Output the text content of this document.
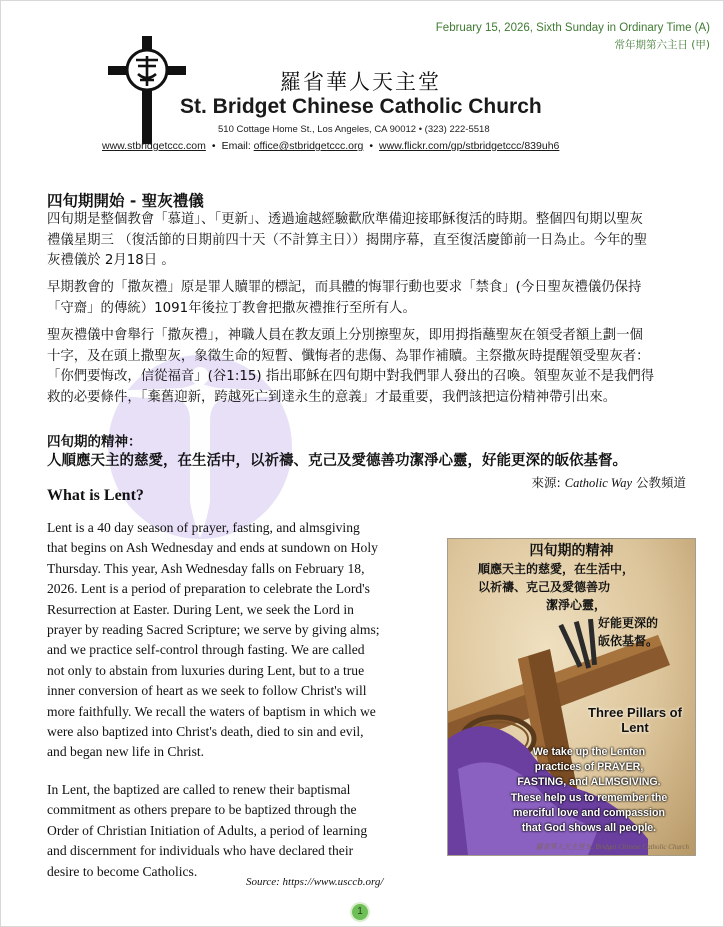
February 15, 2026, Sixth Sunday in Ordinary Time (A)
常年期第六主日 (甲)
羅省華人天主堂
St. Bridget Chinese Catholic Church
510 Cottage Home St., Los Angeles, CA 90012 • (323) 222-5518
www.stbridgetccc.com • Email: office@stbridgetccc.org • www.flickr.com/gp/stbridgetccc/839uh6
四旬期開始 - 聖灰禮儀
四旬期是整個教會「慕道」、「更新」、透過逾越經驗歡欣準備迎接耶穌復活的時期。整個四旬期以聖灰
禮儀星期三 （復活節的日期前四十天（不計算主日））揭開序幕，直至復活慶節前一日為止。今年的聖
灰禮儀於 2月18日 。
早期教會的「撒灰禮」原是罪人贖罪的標記，而具體的悔罪行動也要求「禁食」(今日聖灰禮儀仍保持
「守齋」的傳統）1091年後拉丁教會把撒灰禮推行至所有人。
聖灰禮儀中會舉行「撒灰禮」，神職人員在教友頭上分別擦聖灰，即用拇指蘸聖灰在領受者額上劃一個
十字，及在頭上撒聖灰，象徵生命的短暫、懺悔者的悲傷、為罪作補贖。主祭撒灰時提醒領受聖灰者：
「你們要悔改，信從福音」(谷1:15) 指出耶穌在四旬期中對我們罪人發出的召喚。領聖灰並不是我們得
救的必要條件，「棄舊迎新，跨越死亡到達永生的意義」才最重要，我們該把這份精神帶引出來。
四旬期的精神：
人順應天主的慈愛，在生活中，以祈禱、克己及愛德善功潔淨心靈，好能更深的皈依基督。
來源: Catholic Way 公教頻道
What is Lent?
Lent is a 40 day season of prayer, fasting, and almsgiving
that begins on Ash Wednesday and ends at sundown on Holy
Thursday. This year, Ash Wednesday falls on February 18,
2026. Lent is a period of preparation to celebrate the Lord's
Resurrection at Easter. During Lent, we seek the Lord in
prayer by reading Sacred Scripture; we serve by giving alms;
and we practice self-control through fasting. We are called
not only to abstain from luxuries during Lent, but to a true
inner conversion of heart as we seek to follow Christ's will
more faithfully. We recall the waters of baptism in which we
were also baptized into Christ's death, died to sin and evil,
and began new life in Christ.
In Lent, the baptized are called to renew their baptismal
commitment as others prepare to be baptized through the
Order of Christian Initiation of Adults, a period of learning
and discernment for individuals who have declared their
desire to become Catholics.
Source: https://www.usccb.org/
四旬期的精神
順應天主的慈愛，在生活中，
以祈禱、克己及愛德善功
潔淨心靈，
好能更深的
皈依基督。
Three Pillars of
Lent
We take up the Lenten
practices of PRAYER,
FASTING, and ALMSGIVING.
These help us to remember the
merciful love and compassion
that God shows all people.
羅省華人天主堂 St. Bridget Chinese Catholic Church
1
